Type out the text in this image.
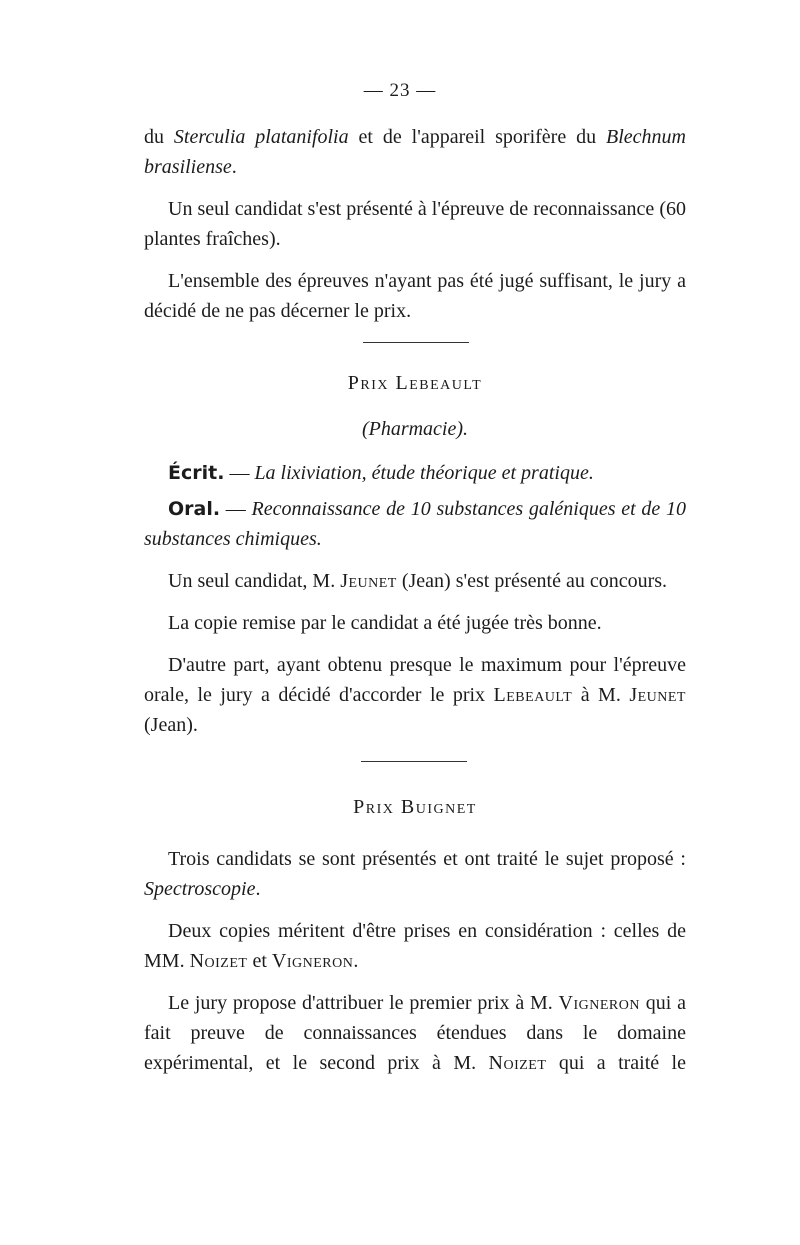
— 23 —

du Sterculia platanifolia et de l'appareil sporifère du Blechnum brasiliense.

Un seul candidat s'est présenté à l'épreuve de reconnaissance (60 plantes fraîches).

L'ensemble des épreuves n'ayant pas été jugé suffisant, le jury a décidé de ne pas décerner le prix.

Prix Lebeault

(Pharmacie).

Écrit. — La lixiviation, étude théorique et pratique.

Oral. — Reconnaissance de 10 substances galéniques et de 10 substances chimiques.

Un seul candidat, M. Jeunet (Jean) s'est présenté au concours.

La copie remise par le candidat a été jugée très bonne.

D'autre part, ayant obtenu presque le maximum pour l'épreuve orale, le jury a décidé d'accorder le prix Lebeault à M. Jeunet (Jean).

Prix Buignet

Trois candidats se sont présentés et ont traité le sujet proposé : Spectroscopie.

Deux copies méritent d'être prises en considération : celles de MM. Noizet et Vigneron.

Le jury propose d'attribuer le premier prix à M. Vigneron qui a fait preuve de connaissances étendues dans le domaine expérimental, et le second prix à M. Noizet qui a traité le
